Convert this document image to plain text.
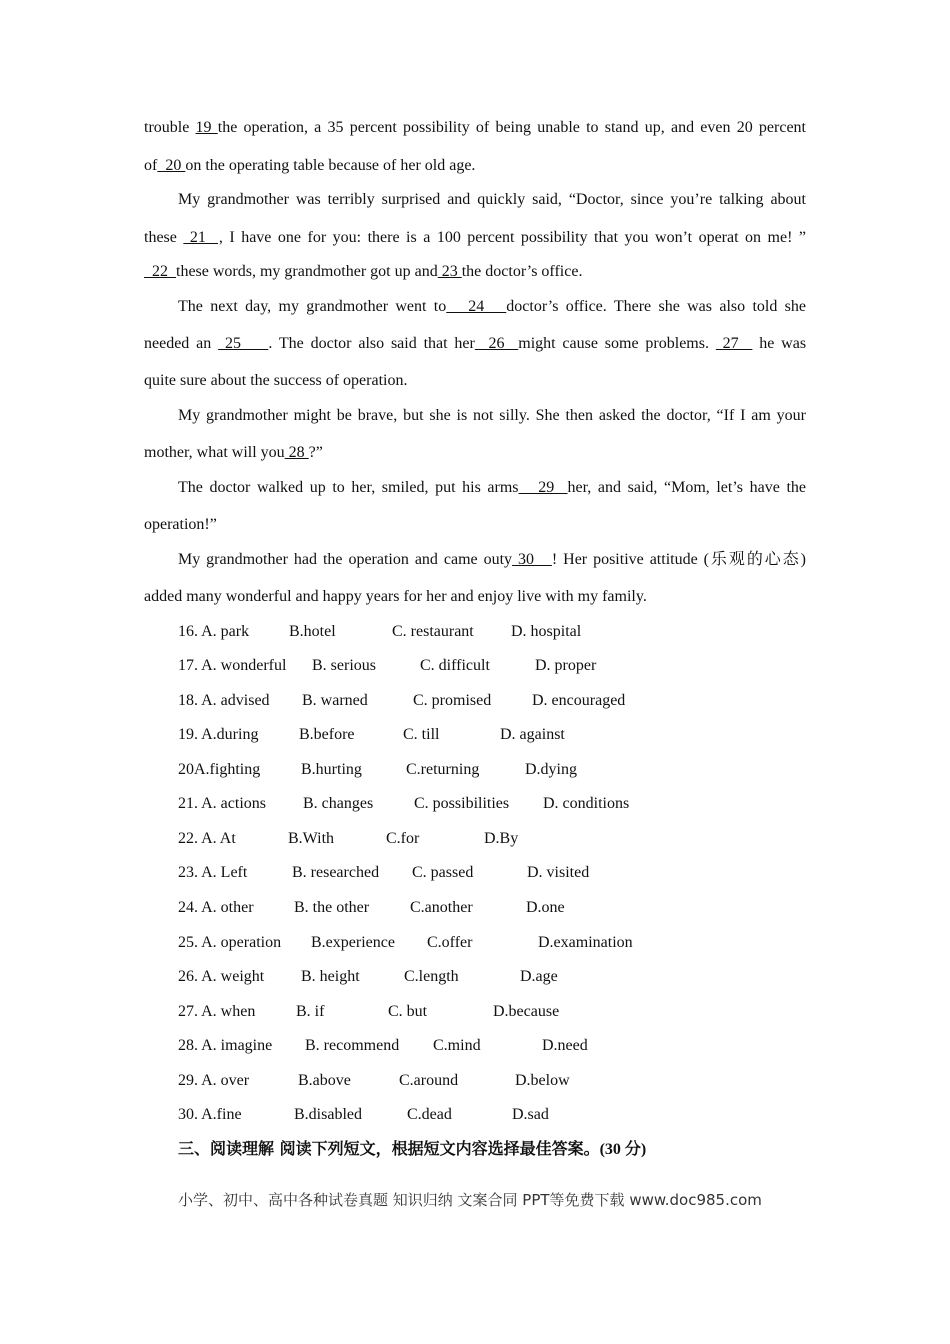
trouble 19 the operation, a 35 percent possibility of being unable to stand up, and even 20 percent
of  20 on the operating table because of her old age.
My grandmother was terribly surprised and quickly said, “Doctor, since you’re talking about
these  21  , I have one for you: there is a 100 percent possibility that you won’t operat on me! ”
22  these words, my grandmother got up and 23 the doctor’s office.
The next day, my grandmother went to   24   doctor’s office. There she was also told she
needed an  25    . The doctor also said that her  26  might cause some problems.  27   he was
quite sure about the success of operation.
My grandmother might be brave, but she is not silly. She then asked the doctor, “If I am your
mother, what will you 28 ?”
The doctor walked up to her, smiled, put his arms   29  her, and said, “Mom, let’s have the
operation!”
My grandmother had the operation and came outy 30   ! Her positive attitude (乐观的心态)
added many wonderful and happy years for her and enjoy live with my family.
16. A. park B.hotel	C. restaurant D. hospital
17. A. wonderful B. serious	C. difficult	D. proper
18. A. advised B. warned	C. promised	D. encouraged
19. A.during	B.before	C. till	D. against
20A.fighting	B.hurting	C.returning	D.dying
21. A. actions B. changes	C. possibilities D. conditions
22. A. At	B.With	C.for	D.By
23. A. Left	B. researched C. passed	D. visited
24. A. other	B. the other	C.another	D.one
25. A. operation B.experience C.offer	D.examination
26. A. weight B. height	C.length	D.age
27. A. when	B. if	C. but	D.because
28. A. imagine B. recommend C.mind	D.need
29. A. over	B.above	C.around	D.below
30. A.fine	B.disabled	C.dead	D.sad
三、阅读理解 阅读下列短文，根据短文内容选择最佳答案。(30 分)
小学、初中、高中各种试卷真题 知识归纳 文案合同 PPT等免费下载 www.doc985.com
